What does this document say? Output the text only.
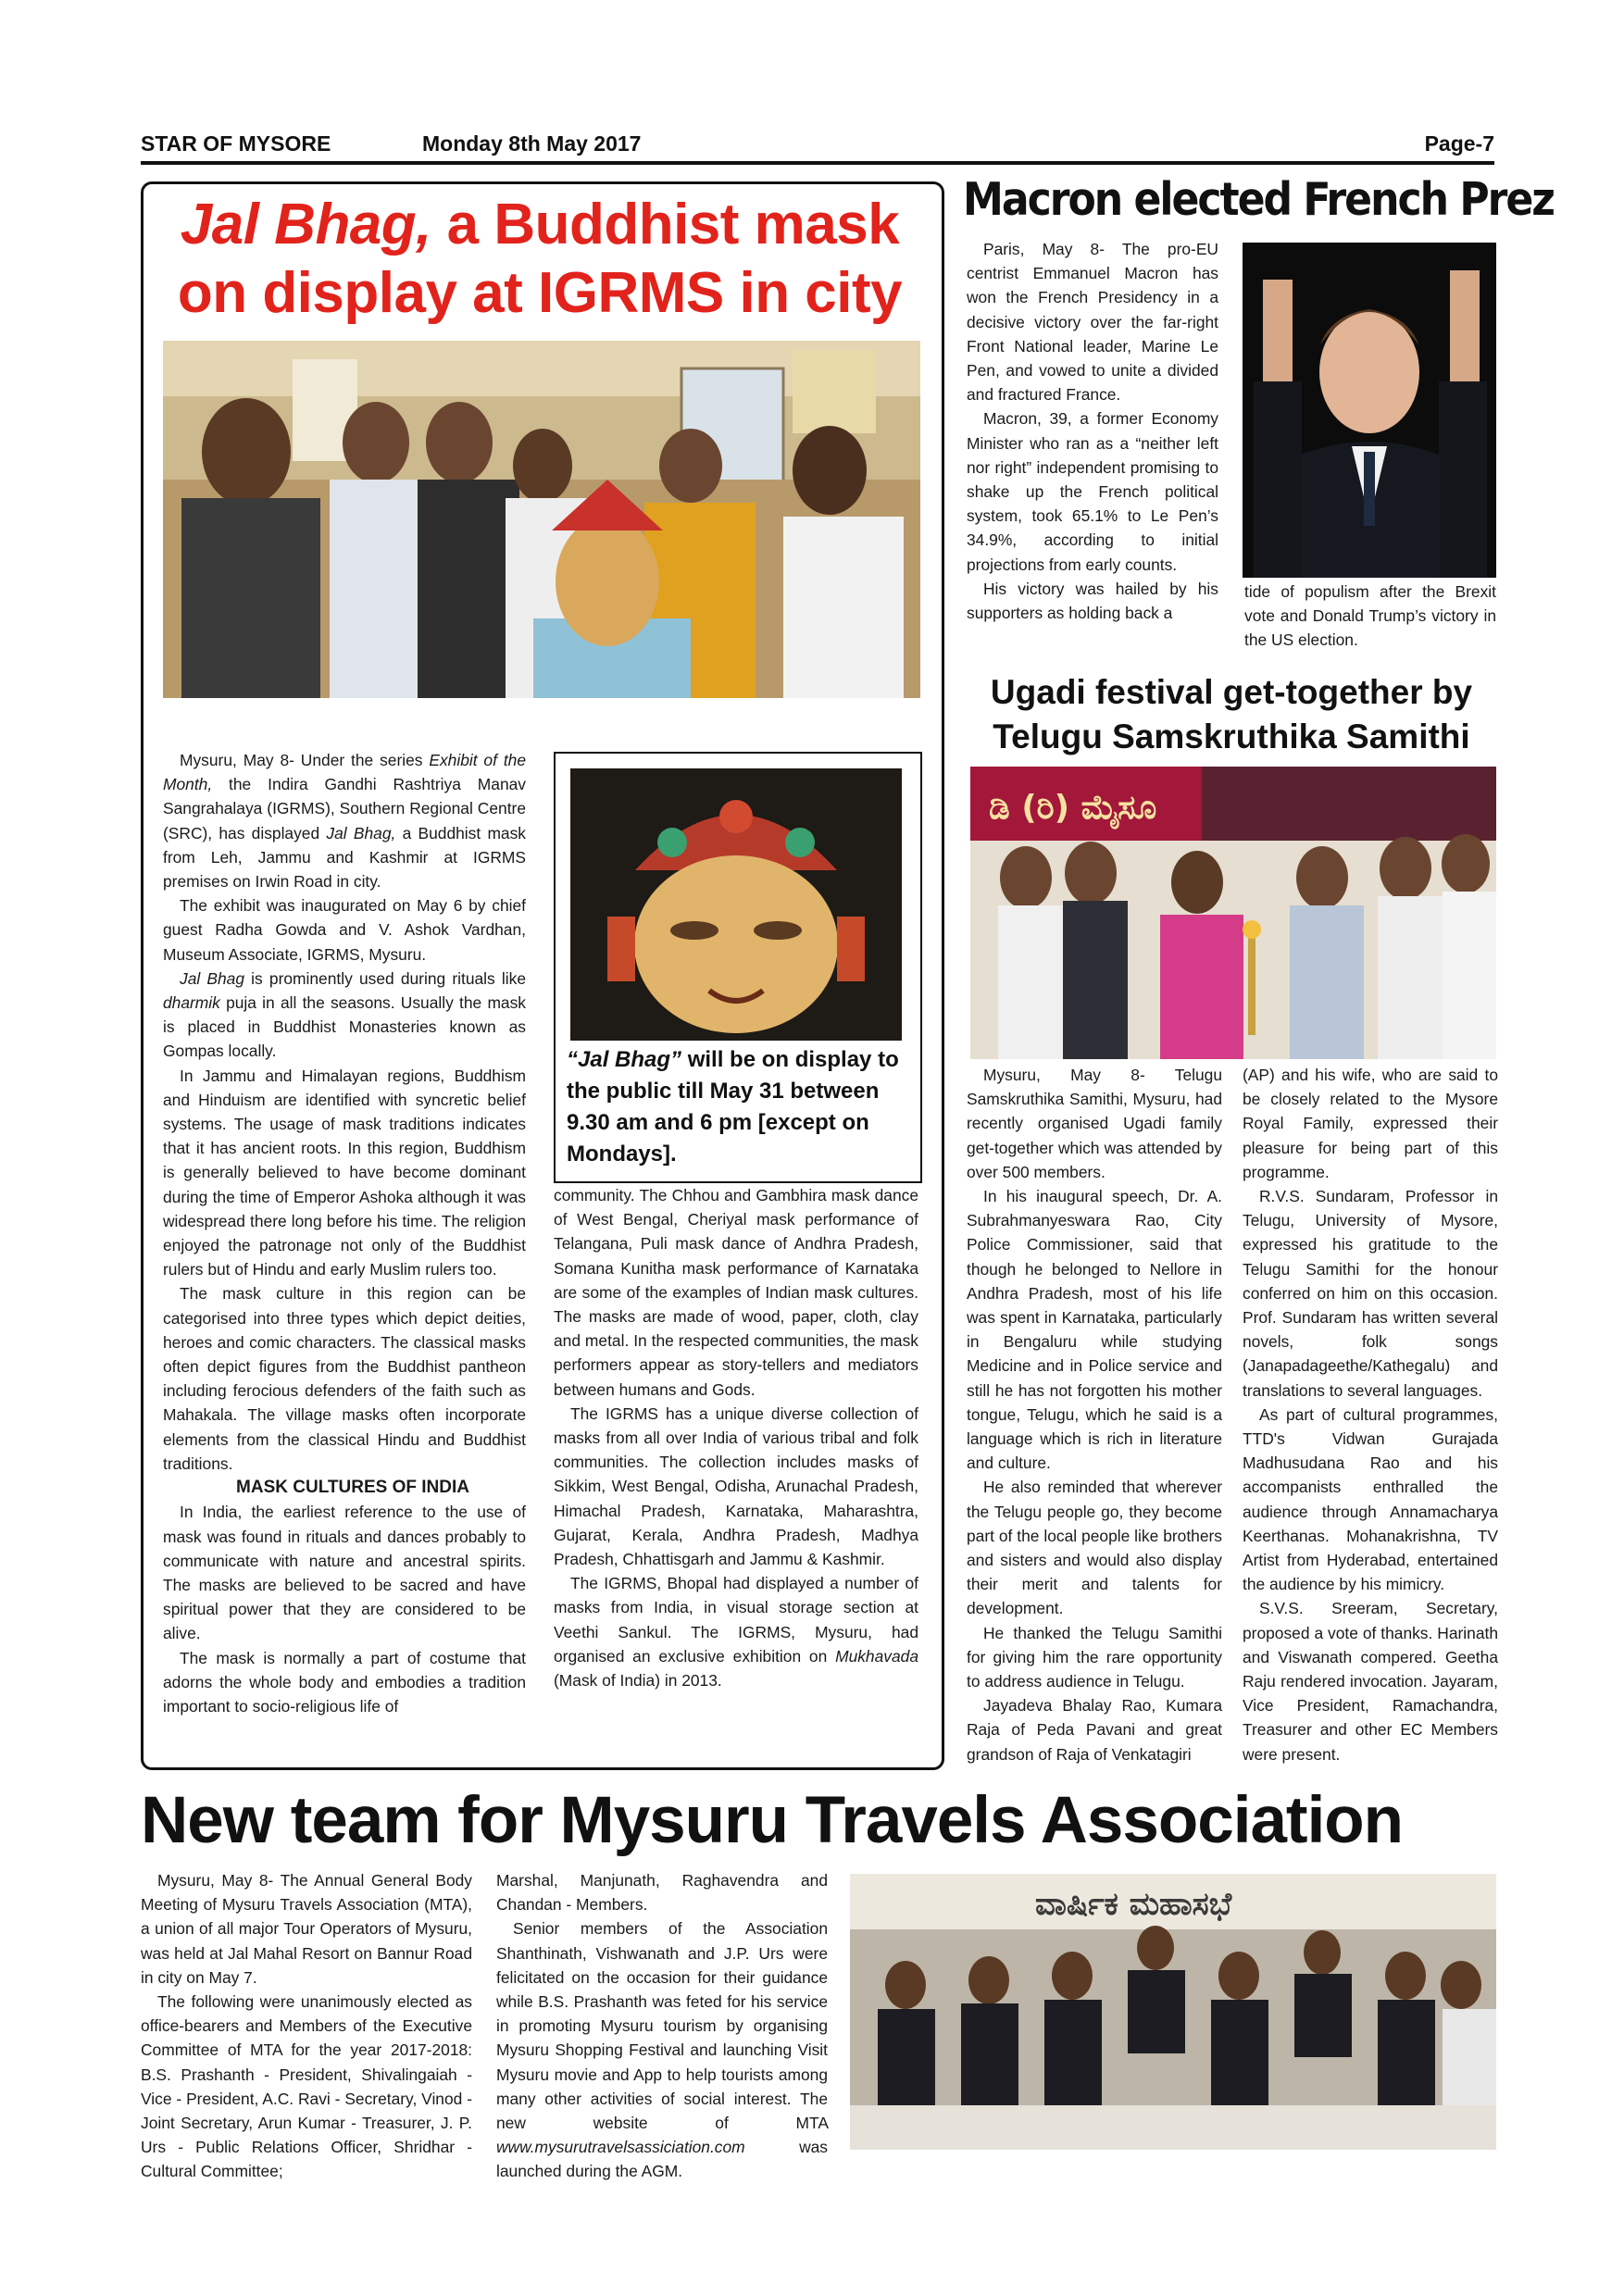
STAR OF MYSORE	Monday 8th May 2017	Page-7
Jal Bhag, a Buddhist mask
on display at IGRMS in city

Mysuru, May 8- Under the series Exhibit of the Month, the Indira Gandhi Rashtriya Manav Sangrahalaya (IGRMS), Southern Regional Centre (SRC), has displayed Jal Bhag, a Buddhist mask from Leh, Jammu and Kashmir at IGRMS premises on Irwin Road in city.

The exhibit was inaugurated on May 6 by chief guest Radha Gowda and V. Ashok Vardhan, Museum Associate, IGRMS, Mysuru.

Jal Bhag is prominently used during rituals like dharmik puja in all the seasons. Usually the mask is placed in Buddhist Monasteries known as Gompas locally.

In Jammu and Himalayan regions, Buddhism and Hinduism are identified with syncretic belief systems. The usage of mask traditions indicates that it has ancient roots. In this region, Buddhism is generally believed to have become dominant during the time of Emperor Ashoka although it was widespread there long before his time. The religion enjoyed the patronage not only of the Buddhist rulers but of Hindu and early Muslim rulers too.

The mask culture in this region can be categorised into three types which depict deities, heroes and comic characters. The classical masks often depict figures from the Buddhist pantheon including ferocious defenders of the faith such as Mahakala. The village masks often incorporate elements from the classical Hindu and Buddhist traditions.

MASK CULTURES OF INDIA

In India, the earliest reference to the use of mask was found in rituals and dances probably to communicate with nature and ancestral spirits. The masks are believed to be sacred and have spiritual power that they are considered to be alive.

The mask is normally a part of costume that adorns the whole body and embodies a tradition important to socio-religious life of

“Jal Bhag” will be on display to the public till May 31 between 9.30 am and 6 pm [except on Mondays].

community. The Chhou and Gambhira mask dance of West Bengal, Cheriyal mask performance of Telangana, Puli mask dance of Andhra Pradesh, Somana Kunitha mask performance of Karnataka are some of the examples of Indian mask cultures. The masks are made of wood, paper, cloth, clay and metal. In the respected communities, the mask performers appear as story-tellers and mediators between humans and Gods.

The IGRMS has a unique diverse collection of masks from all over India of various tribal and folk communities. The collection includes masks of Sikkim, West Bengal, Odisha, Arunachal Pradesh, Himachal Pradesh, Karnataka, Maharashtra, Gujarat, Kerala, Andhra Pradesh, Madhya Pradesh, Chhattisgarh and Jammu & Kashmir.

The IGRMS, Bhopal had displayed a number of masks from India, in visual storage section at Veethi Sankul. The IGRMS, Mysuru, had organised an exclusive exhibition on Mukhavada (Mask of India) in 2013.

Macron elected French Prez

Paris, May 8- The pro-EU centrist Emmanuel Macron has won the French Presidency in a decisive victory over the far-right Front National leader, Marine Le Pen, and vowed to unite a divided and fractured France.

Macron, 39, a former Economy Minister who ran as a “neither left nor right” independent promising to shake up the French political system, took 65.1% to Le Pen’s 34.9%, according to initial projections from early counts.

His victory was hailed by his supporters as holding back a

tide of populism after the Brexit vote and Donald Trump’s victory in the US election.

Ugadi festival get-together by
Telugu Samskruthika Samithi
ಡಿ (ರಿ) ಮೈಸೂ

Mysuru, May 8- Telugu Samskruthika Samithi, Mysuru, had recently organised Ugadi family get-together which was attended by over 500 members.

In his inaugural speech, Dr. A. Subrahmanyeswara Rao, City Police Commissioner, said that though he belonged to Nellore in Andhra Pradesh, most of his life was spent in Karnataka, particularly in Bengaluru while studying Medicine and in Police service and still he has not forgotten his mother tongue, Telugu, which he said is a language which is rich in literature and culture.

He also reminded that wherever the Telugu people go, they become part of the local people like brothers and sisters and would also display their merit and talents for development.

He thanked the Telugu Samithi for giving him the rare opportunity to address audience in Telugu.

Jayadeva Bhalay Rao, Kumara Raja of Peda Pavani and great grandson of Raja of Venkatagiri

(AP) and his wife, who are said to be closely related to the Mysore Royal Family, expressed their pleasure for being part of this programme.

R.V.S. Sundaram, Professor in Telugu, University of Mysore, expressed his gratitude to the Telugu Samithi for the honour conferred on him on this occasion. Prof. Sundaram has written several novels, folk songs (Janapadageethe/Kathegalu) and translations to several languages.

As part of cultural programmes, TTD's Vidwan Gurajada Madhusudana Rao and his accompanists enthralled the audience through Annamacharya Keerthanas. Mohanakrishna, TV Artist from Hyderabad, entertained the audience by his mimicry.

S.V.S. Sreeram, Secretary, proposed a vote of thanks. Harinath and Viswanath compered. Geetha Raju rendered invocation. Jayaram, Vice President, Ramachandra, Treasurer and other EC Members were present.

New team for Mysuru Travels Association

Mysuru, May 8- The Annual General Body Meeting of Mysuru Travels Association (MTA), a union of all major Tour Operators of Mysuru, was held at Jal Mahal Resort on Bannur Road in city on May 7.

The following were unanimously elected as office-bearers and Members of the Executive Committee of MTA for the year 2017-2018: B.S. Prashanth - President, Shivalingaiah - Vice - President, A.C. Ravi - Secretary, Vinod - Joint Secretary, Arun Kumar - Treasurer, J. P. Urs - Public Relations Officer, Shridhar - Cultural Committee;

Marshal, Manjunath, Raghavendra and Chandan - Members.

Senior members of the Association Shanthinath, Vishwanath and J.P. Urs were felicitated on the occasion for their guidance while B.S. Prashanth was feted for his service in promoting Mysuru tourism by organising Mysuru Shopping Festival and launching Visit Mysuru movie and App to help tourists among many other activities of social interest. The new website of MTA www.mysurutravelsassiciation.com was launched during the AGM.

ವಾರ್ಷಿಕ ಮಹಾಸಭೆ
